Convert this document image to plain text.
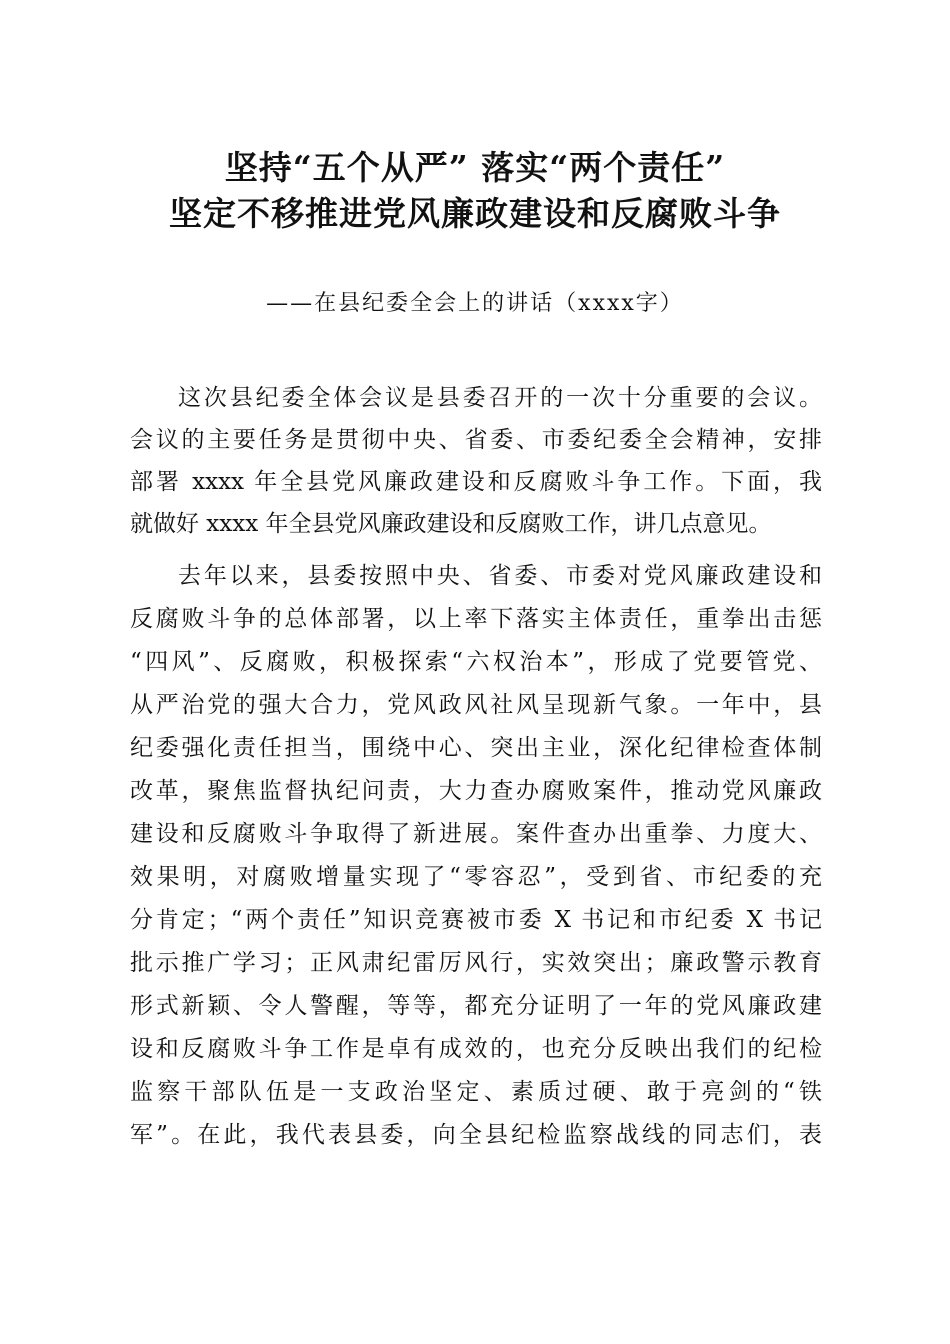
坚持“五个从严” 落实“两个责任”
坚定不移推进党风廉政建设和反腐败斗争
——在县纪委全会上的讲话（xxxx字）
这次县纪委全体会议是县委召开的一次十分重要的会议。
会议的主要任务是贯彻中央、省委、市委纪委全会精神，安排
部署 xxxx 年全县党风廉政建设和反腐败斗争工作。下面，我
就做好 xxxx 年全县党风廉政建设和反腐败工作，讲几点意见。
去年以来，县委按照中央、省委、市委对党风廉政建设和
反腐败斗争的总体部署，以上率下落实主体责任，重拳出击惩
“四风”、反腐败，积极探索“六权治本”，形成了党要管党、
从严治党的强大合力，党风政风社风呈现新气象。一年中，县
纪委强化责任担当，围绕中心、突出主业，深化纪律检查体制
改革，聚焦监督执纪问责，大力查办腐败案件，推动党风廉政
建设和反腐败斗争取得了新进展。案件查办出重拳、力度大、
效果明，对腐败增量实现了“零容忍”，受到省、市纪委的充
分肯定；“两个责任”知识竞赛被市委 X 书记和市纪委 X 书记
批示推广学习；正风肃纪雷厉风行，实效突出；廉政警示教育
形式新颖、令人警醒，等等，都充分证明了一年的党风廉政建
设和反腐败斗争工作是卓有成效的，也充分反映出我们的纪检
监察干部队伍是一支政治坚定、素质过硬、敢于亮剑的“铁
军”。在此，我代表县委，向全县纪检监察战线的同志们，表
